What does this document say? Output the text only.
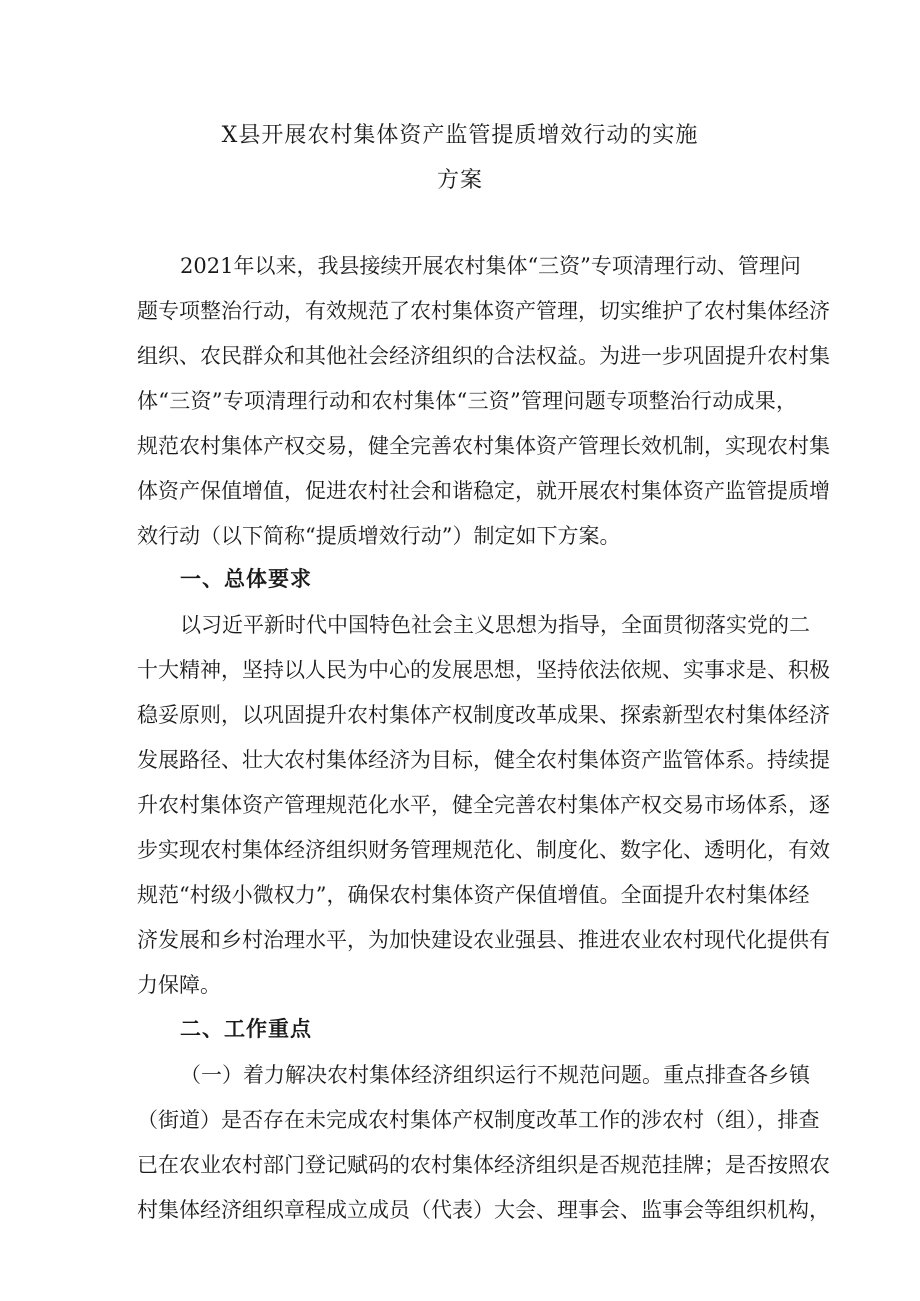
X县开展农村集体资产监管提质增效行动的实施
方案
2021年以来，我县接续开展农村集体“三资”专项清理行动、管理问
题专项整治行动，有效规范了农村集体资产管理，切实维护了农村集体经济
组织、农民群众和其他社会经济组织的合法权益。为进一步巩固提升农村集
体“三资”专项清理行动和农村集体“三资”管理问题专项整治行动成果，
规范农村集体产权交易，健全完善农村集体资产管理长效机制，实现农村集
体资产保值增值，促进农村社会和谐稳定，就开展农村集体资产监管提质增
效行动（以下简称“提质增效行动”）制定如下方案。
一、总体要求
以习近平新时代中国特色社会主义思想为指导，全面贯彻落实党的二
十大精神，坚持以人民为中心的发展思想，坚持依法依规、实事求是、积极
稳妥原则，以巩固提升农村集体产权制度改革成果、探索新型农村集体经济
发展路径、壮大农村集体经济为目标，健全农村集体资产监管体系。持续提
升农村集体资产管理规范化水平，健全完善农村集体产权交易市场体系，逐
步实现农村集体经济组织财务管理规范化、制度化、数字化、透明化，有效
规范“村级小微权力”，确保农村集体资产保值增值。全面提升农村集体经
济发展和乡村治理水平，为加快建设农业强县、推进农业农村现代化提供有
力保障。
二、工作重点
（一）着力解决农村集体经济组织运行不规范问题。重点排查各乡镇
（街道）是否存在未完成农村集体产权制度改革工作的涉农村（组），排查
已在农业农村部门登记赋码的农村集体经济组织是否规范挂牌；是否按照农
村集体经济组织章程成立成员（代表）大会、理事会、监事会等组织机构，
